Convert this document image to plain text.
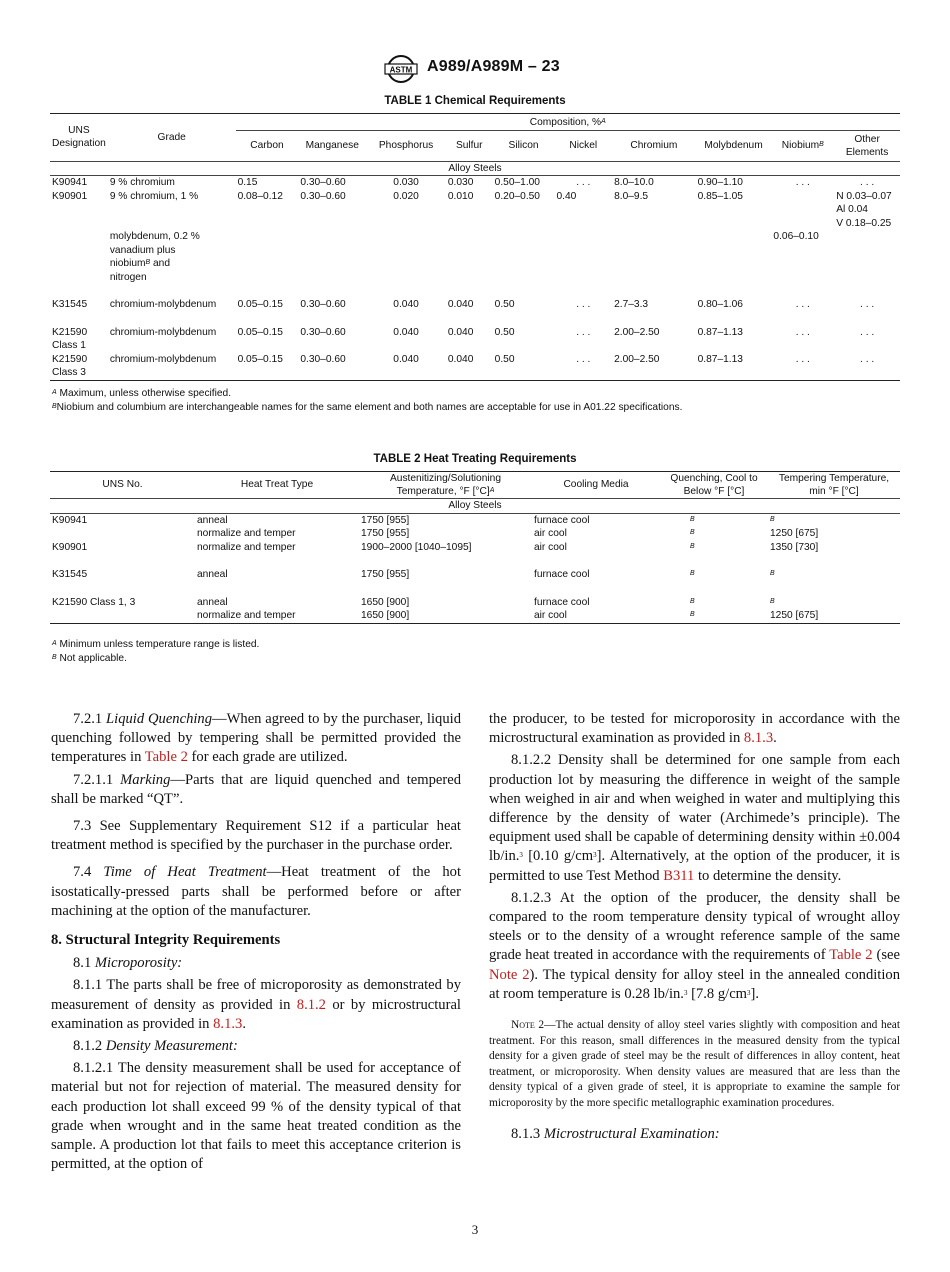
ASTM A989/A989M – 23
TABLE 1 Chemical Requirements
UNS
Designation	Grade	Composition, %$^A$
		Carbon	Manganese	Phosphorus	Sulfur	Silicon	Nickel	Chromium	Molybdenum	Niobium$^B$	Other Elements
Alloy Steels											
K90941	9 % chromium	0.15	0.30–0.60	0.030	0.030	0.50–1.00	. . .	8.0–10.0	0.90–1.10	. . .	. . .
K90901	9 % chromium, 1 %	0.08–0.12	0.30–0.60	0.020	0.010	0.20–0.50	0.40	8.0–9.5	0.85–1.05		N 0.03–0.07
Al 0.04
V 0.18–0.25
	molybdenum, 0.2 %
vanadium plus
niobium$^B$ and
nitrogen									0.06–0.10	

K31545	chromium-molybdenum	0.05–0.15	0.30–0.60	0.040	0.040	0.50	. . .	2.7–3.3	0.80–1.06	. . .	. . .

K21590
Class 1	chromium-molybdenum	0.05–0.15	0.30–0.60	0.040	0.040	0.50	. . .	2.00–2.50	0.87–1.13	. . .	. . .
K21590
Class 3	chromium-molybdenum	0.05–0.15	0.30–0.60	0.040	0.040	0.50	. . .	2.00–2.50	0.87–1.13	. . .	. . .
$^A$ Maximum, unless otherwise specified.
$^B$Niobium and columbium are interchangeable names for the same element and both names are acceptable for use in A01.22 specifications.
TABLE 2 Heat Treating Requirements
UNS No.	Heat Treat Type	Austenitizing/Solutioning Temperature, °F $[^\circ C]^A$	Cooling Media	Quenching, Cool to Below °F [°C]	Tempering Temperature, min °F [°C]
Alloy Steels					
K90941	anneal	1750 [955]	furnace cool	$^B$	$^B$
	normalize and temper	1750 [955]	air cool	$^B$	1250 [675]
K90901	normalize and temper	1900–2000 [1040–1095]	air cool	$^B$	1350 [730]

K31545	anneal	1750 [955]	furnace cool	$^B$	$^B$

K21590 Class 1, 3	anneal	1650 [900]	furnace cool	$^B$	$^B$
	normalize and temper	1650 [900]	air cool	$^B$	1250 [675]
$^A$ Minimum unless temperature range is listed.
$^B$ Not applicable.

7.2.1 Liquid Quenching—When agreed to by the purchaser, liquid quenching followed by tempering shall be permitted provided the temperatures in Table 2 for each grade are utilized.

7.2.1.1 Marking—Parts that are liquid quenched and tempered shall be marked “QT”.

7.3 See Supplementary Requirement S12 if a particular heat treatment method is specified by the purchaser in the purchase order.

7.4 Time of Heat Treatment—Heat treatment of the hot isostatically-pressed parts shall be performed before or after machining at the option of the manufacturer.

8. Structural Integrity Requirements

8.1 Microporosity:

8.1.1 The parts shall be free of microporosity as demonstrated by measurement of density as provided in 8.1.2 or by microstructural examination as provided in 8.1.3.

8.1.2 Density Measurement:

8.1.2.1 The density measurement shall be used for acceptance of material but not for rejection of material. The measured density for each production lot shall exceed 99 % of the density typical of that grade when wrought and in the same heat treated condition as the sample. A production lot that fails to meet this acceptance criterion is permitted, at the option of

the producer, to be tested for microporosity in accordance with the microstructural examination as provided in 8.1.3.

8.1.2.2 Density shall be determined for one sample from each production lot by measuring the difference in weight of the sample when weighed in air and when weighed in water and multiplying this difference by the density of water (Archimede’s principle). The equipment used shall be capable of determining density within ±0.004 lb/in.$^3$ [0.10 $g/cm^3$]. Alternatively, at the option of the producer, it is permitted to use Test Method B311 to determine the density.

8.1.2.3 At the option of the producer, the density shall be compared to the room temperature density typical of wrought alloy steels or to the density of a wrought reference sample of the same grade heat treated in accordance with the requirements of Table 2 (see Note 2). The typical density for alloy steel in the annealed condition at room temperature is 0.28 lb/in.$^3$ [7.8 $g/cm^3$].

Note 2—The actual density of alloy steel varies slightly with composition and heat treatment. For this reason, small differences in the measured density from the typical density for a given grade of steel may be the result of differences in alloy content, heat treatment, or microporosity. When density values are measured that are less than the density typical of a given grade of steel, it is appropriate to examine the sample for microporosity by the more specific metallographic examination procedures.

8.1.3 Microstructural Examination:

3
